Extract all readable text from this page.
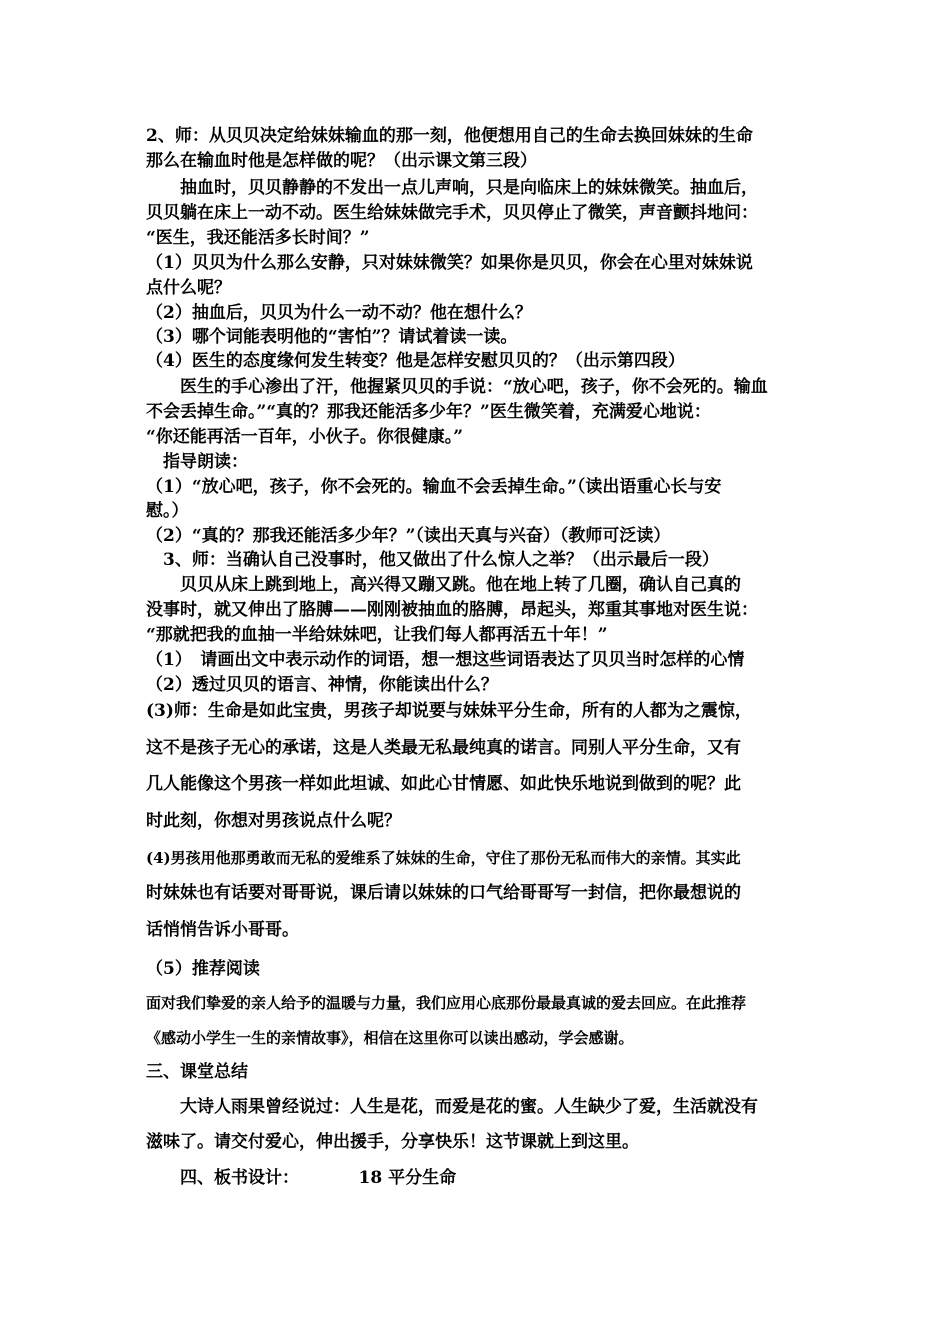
2、师：从贝贝决定给妹妹输血的那一刻，他便想用自己的生命去换回妹妹的生命
那么在输血时他是怎样做的呢？（出示课文第三段）
　　抽血时，贝贝静静的不发出一点儿声响，只是向临床上的妹妹微笑。抽血后，
贝贝躺在床上一动不动。医生给妹妹做完手术，贝贝停止了微笑，声音颤抖地问：
“医生，我还能活多长时间？”
（1）贝贝为什么那么安静，只对妹妹微笑？如果你是贝贝，你会在心里对妹妹说
点什么呢？
（2）抽血后，贝贝为什么一动不动？他在想什么？
（3）哪个词能表明他的“害怕”？请试着读一读。
（4）医生的态度缘何发生转变？他是怎样安慰贝贝的？（出示第四段）
　　医生的手心渗出了汗，他握紧贝贝的手说：“放心吧，孩子，你不会死的。输血
不会丢掉生命。”“真的？那我还能活多少年？”医生微笑着，充满爱心地说：
“你还能再活一百年，小伙子。你很健康。”
　指导朗读：
（1）“放心吧，孩子，你不会死的。输血不会丢掉生命。”（读出语重心长与安
慰。）
（2）“真的？那我还能活多少年？”（读出天真与兴奋）（教师可泛读）
　3、师：当确认自己没事时，他又做出了什么惊人之举？（出示最后一段）
　　贝贝从床上跳到地上，高兴得又蹦又跳。他在地上转了几圈，确认自己真的
没事时，就又伸出了胳膊——刚刚被抽血的胳膊，昂起头，郑重其事地对医生说：
“那就把我的血抽一半给妹妹吧，让我们每人都再活五十年！”
（1）　请画出文中表示动作的词语，想一想这些词语表达了贝贝当时怎样的心情
（2）透过贝贝的语言、神情，你能读出什么？
(3)师：生命是如此宝贵，男孩子却说要与妹妹平分生命，所有的人都为之震惊，
这不是孩子无心的承诺，这是人类最无私最纯真的诺言。同别人平分生命，又有
几人能像这个男孩一样如此坦诚、如此心甘情愿、如此快乐地说到做到的呢？此
时此刻，你想对男孩说点什么呢？
(4)男孩用他那勇敢而无私的爱维系了妹妹的生命，守住了那份无私而伟大的亲情。其实此
时妹妹也有话要对哥哥说，课后请以妹妹的口气给哥哥写一封信，把你最想说的
话悄悄告诉小哥哥。
（5）推荐阅读
面对我们挚爱的亲人给予的温暖与力量，我们应用心底那份最最真诚的爱去回应。在此推荐
《感动小学生一生的亲情故事》，相信在这里你可以读出感动，学会感谢。
三、课堂总结
　　大诗人雨果曾经说过：人生是花，而爱是花的蜜。人生缺少了爱，生活就没有
滋味了。请交付爱心，伸出援手，分享快乐！这节课就上到这里。
　　四、板书设计：　　　　18 平分生命
